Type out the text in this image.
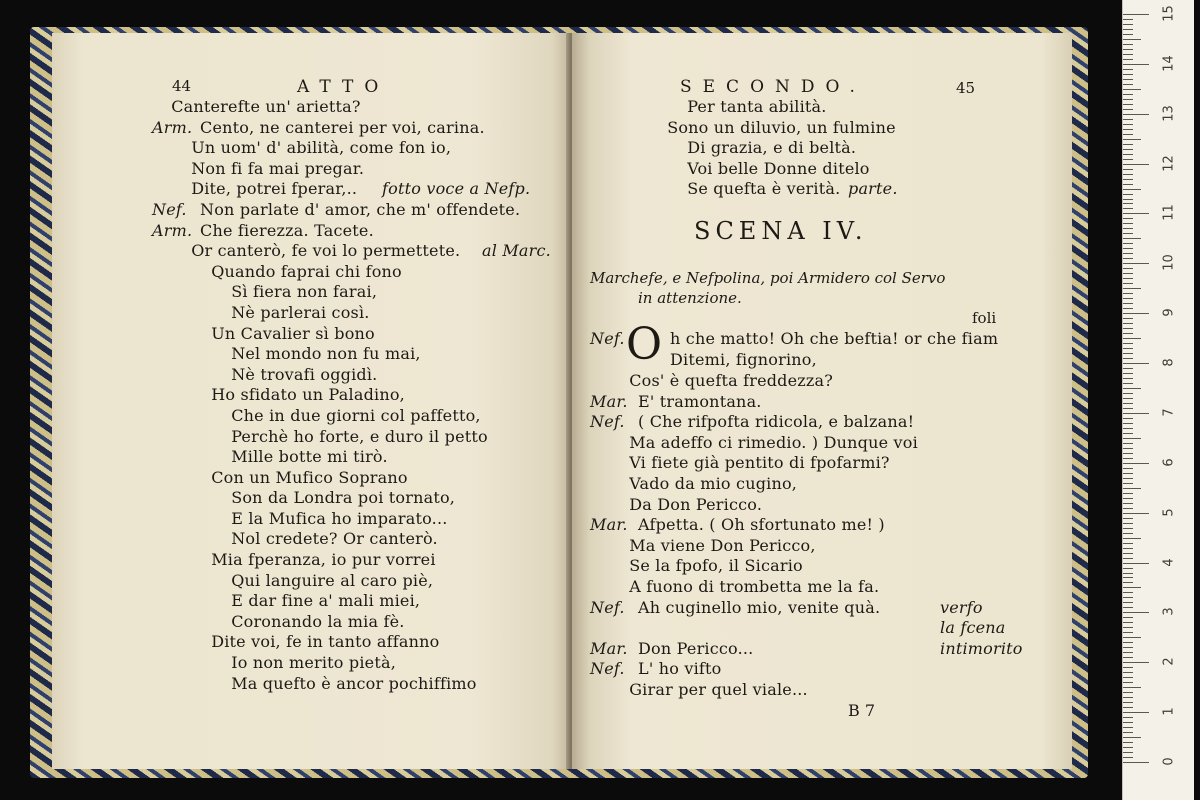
44	ATTO
Canterefte un' arietta?
Arm. Cento, ne canterei per voi, carina.
Un uom' d' abilità, come fon io,
Non fi fa mai pregar.
Dite, potrei fperar,.. fotto voce a Nefp.
Nef. Non parlate d' amor, che m' offendete.
Arm. Che fierezza. Tacete.
Or canterò, fe voi lo permettete. al Marc.
Quando faprai chi fono
Sì fiera non farai,
Nè parlerai così.
Un Cavalier sì bono
Nel mondo non fu mai,
Nè trovafi oggidì.
Ho sfidato un Paladino,
Che in due giorni col paffetto,
Perchè ho forte, e duro il petto
Mille botte mi tirò.
Con un Mufico Soprano
Son da Londra poi tornato,
E la Mufica ho imparato...
Nol credete? Or canterò.
Mia fperanza, io pur vorrei
Qui languire al caro piè,
E dar fine a' mali miei,
Coronando la mia fè.
Dite voi, fe in tanto affanno
Io non merito pietà,
Ma quefto è ancor pochiffimo
SECONDO.	45
Per tanta abilità.
Sono un diluvio, un fulmine
Di grazia, e di beltà.
Voi belle Donne ditelo
Se quefta è verità. parte.
SCENA IV.
Marchefe, e Nefpolina, poi Armidero col Servo
in attenzione.
foli
Nef. O h che matto! Oh che beftia! or che fiam
Ditemi, fignorino,
Cos' è quefta freddezza?
Mar. E' tramontana.
Nef. ( Che rifpofta ridicola, e balzana!
Ma adeffo ci rimedio. ) Dunque voi
Vi fiete già pentito di fpofarmi?
Vado da mio cugino,
Da Don Pericco.
Mar. Afpetta. ( Oh sfortunato me! )
Ma viene Don Pericco,
Se la fpofo, il Sicario
A fuono di trombetta me la fa.
Nef. Ah cuginello mio, venite quà.	verfo
la fcena
Mar. Don Pericco...	intimorito
Nef. L' ho vifto
Girar per quel viale...
B 7
15
14
13
12
11
10
9
8
7
6
5
4
3
2
1
0
